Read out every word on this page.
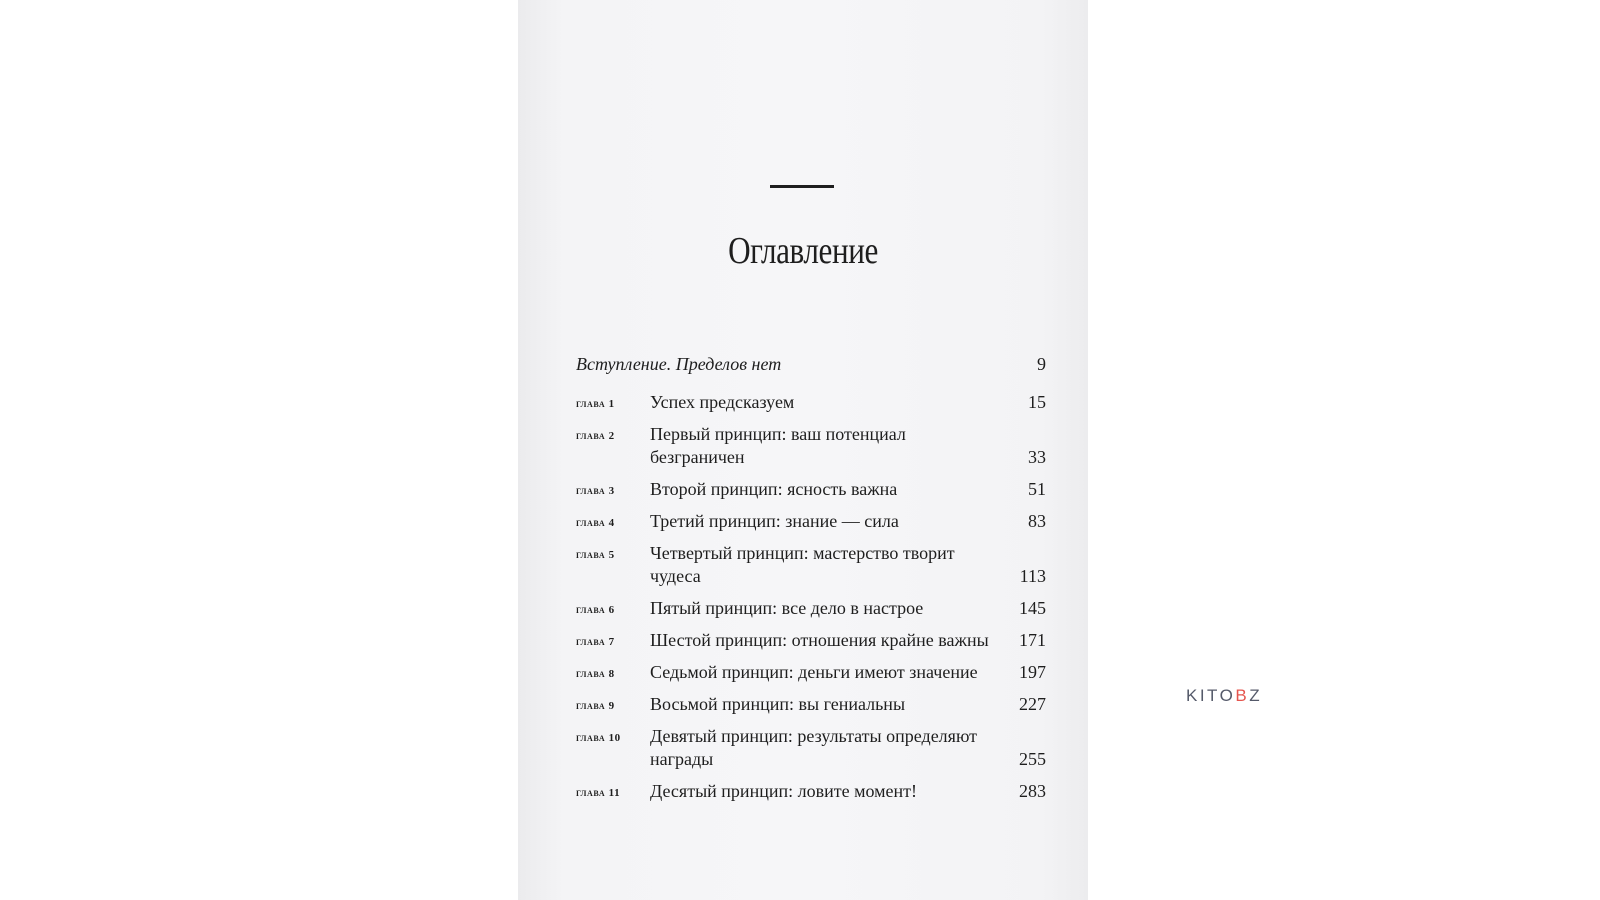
Оглавление
Вступление. Пределов нет	9
глава 1 Успех предсказуем	15
глава 2 Первый принцип: ваш потенциал безграничен	33
глава 3 Второй принцип: ясность важна	51
глава 4 Третий принцип: знание — сила	83
глава 5 Четвертый принцип: мастерство творит чудеса	113
глава 6 Пятый принцип: все дело в настрое	145
глава 7 Шестой принцип: отношения крайне важны 171
глава 8 Седьмой принцип: деньги имеют значение 197
глава 9 Восьмой принцип: вы гениальны	227
глава 10 Девятый принцип: результаты определяют награды	255
глава 11 Десятый принцип: ловите момент!	283
KITOBZ
